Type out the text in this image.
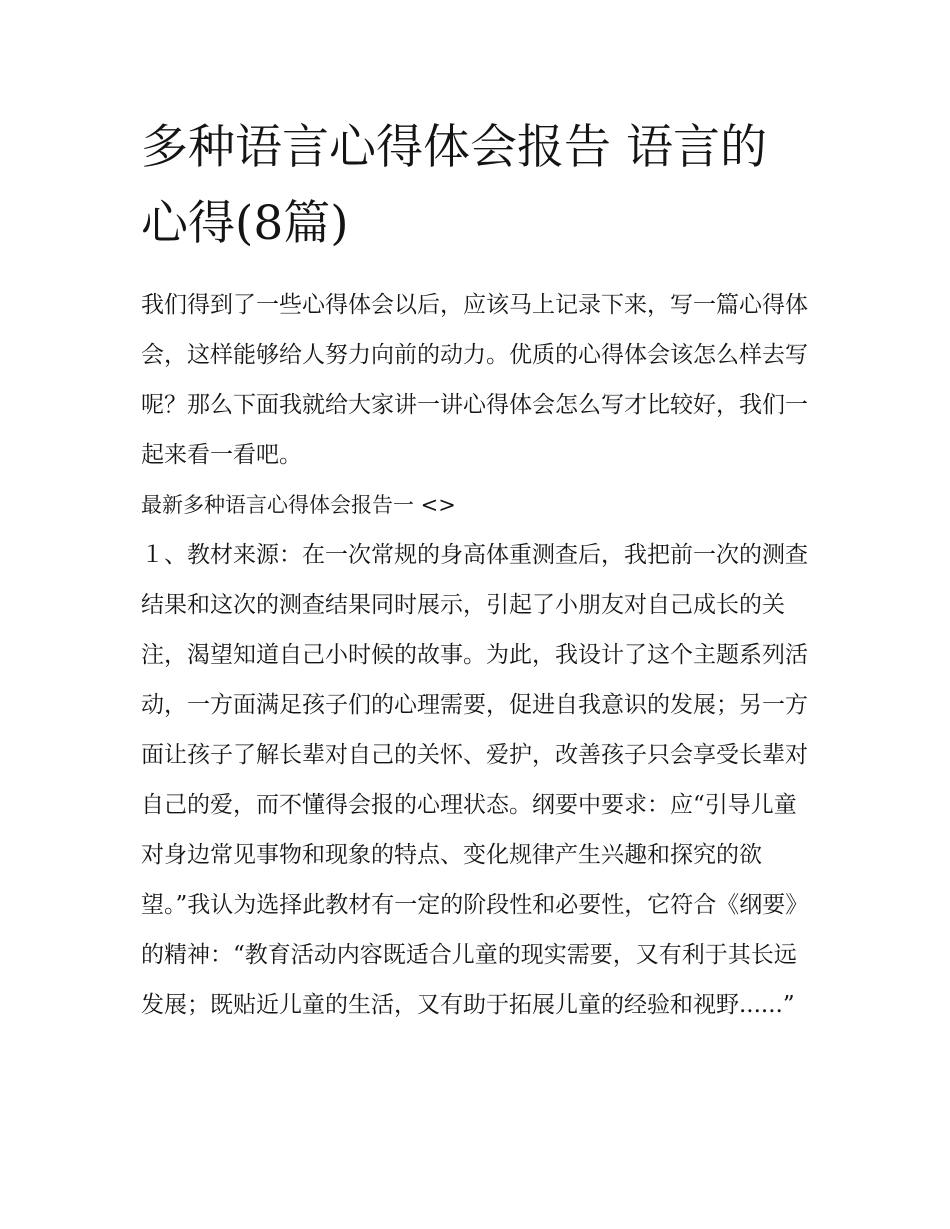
多种语言心得体会报告 语言的心得(8篇)

我们得到了一些心得体会以后，应该马上记录下来，写一篇心得体会，这样能够给人努力向前的动力。优质的心得体会该怎么样去写呢？那么下面我就给大家讲一讲心得体会怎么写才比较好，我们一起来看一看吧。

最新多种语言心得体会报告一 <>

１、教材来源：在一次常规的身高体重测查后，我把前一次的测查结果和这次的测查结果同时展示，引起了小朋友对自己成长的关注，渴望知道自己小时候的故事。为此，我设计了这个主题系列活动，一方面满足孩子们的心理需要，促进自我意识的发展；另一方面让孩子了解长辈对自己的关怀、爱护，改善孩子只会享受长辈对自己的爱，而不懂得会报的心理状态。纲要中要求：应“引导儿童对身边常见事物和现象的特点、变化规律产生兴趣和探究的欲望。”我认为选择此教材有一定的阶段性和必要性，它符合《纲要》的精神：“教育活动内容既适合儿童的现实需要，又有利于其长远发展；既贴近儿童的生活，又有助于拓展儿童的经验和视野......”
